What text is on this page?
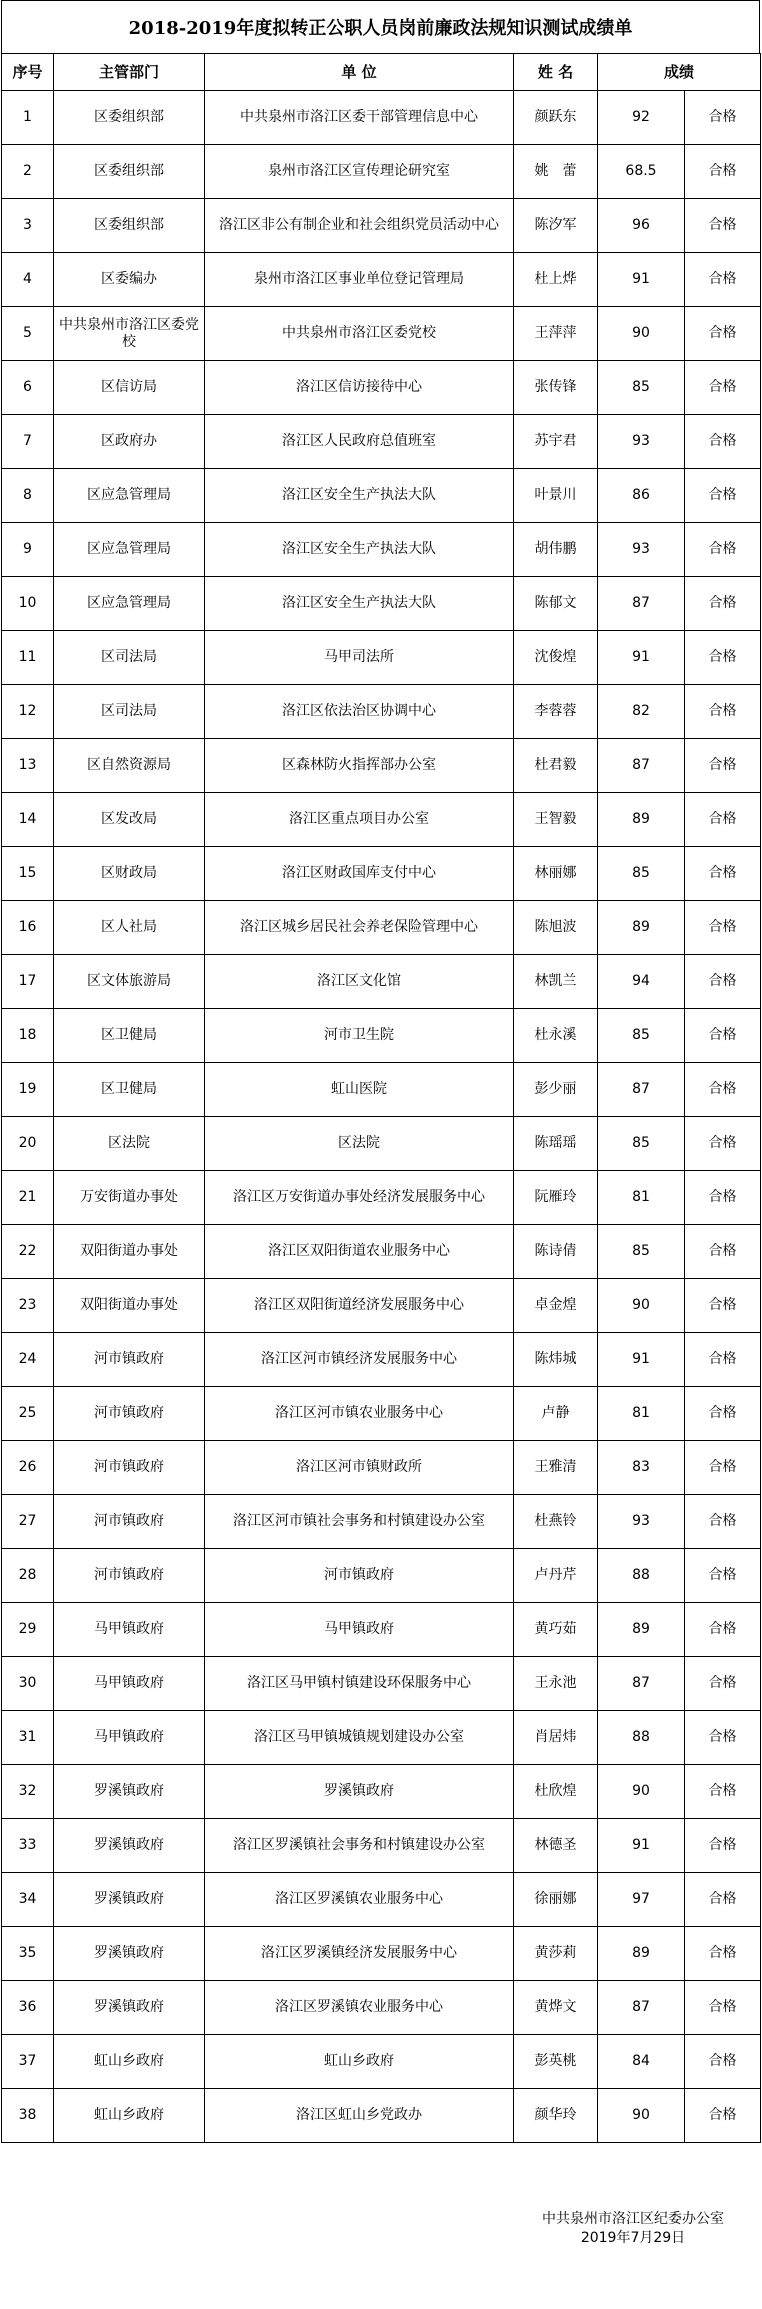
2018-2019年度拟转正公职人员岗前廉政法规知识测试成绩单
序号	主管部门	单 位	姓 名	成绩	
1	区委组织部	中共泉州市洛江区委干部管理信息中心	颜跃东	92	合格
2	区委组织部	泉州市洛江区宣传理论研究室	姚　蕾	68.5	合格
3	区委组织部	洛江区非公有制企业和社会组织党员活动中心	陈汐军	96	合格
4	区委编办	泉州市洛江区事业单位登记管理局	杜上烨	91	合格
5	中共泉州市洛江区委党校	中共泉州市洛江区委党校	王萍萍	90	合格
6	区信访局	洛江区信访接待中心	张传锋	85	合格
7	区政府办	洛江区人民政府总值班室	苏宇君	93	合格
8	区应急管理局	洛江区安全生产执法大队	叶景川	86	合格
9	区应急管理局	洛江区安全生产执法大队	胡伟鹏	93	合格
10	区应急管理局	洛江区安全生产执法大队	陈郁文	87	合格
11	区司法局	马甲司法所	沈俊煌	91	合格
12	区司法局	洛江区依法治区协调中心	李蓉蓉	82	合格
13	区自然资源局	区森林防火指挥部办公室	杜君毅	87	合格
14	区发改局	洛江区重点项目办公室	王智毅	89	合格
15	区财政局	洛江区财政国库支付中心	林丽娜	85	合格
16	区人社局	洛江区城乡居民社会养老保险管理中心	陈旭波	89	合格
17	区文体旅游局	洛江区文化馆	林凯兰	94	合格
18	区卫健局	河市卫生院	杜永溪	85	合格
19	区卫健局	虹山医院	彭少丽	87	合格
20	区法院	区法院	陈瑶瑶	85	合格
21	万安街道办事处	洛江区万安街道办事处经济发展服务中心	阮雁玲	81	合格
22	双阳街道办事处	洛江区双阳街道农业服务中心	陈诗倩	85	合格
23	双阳街道办事处	洛江区双阳街道经济发展服务中心	卓金煌	90	合格
24	河市镇政府	洛江区河市镇经济发展服务中心	陈炜城	91	合格
25	河市镇政府	洛江区河市镇农业服务中心	卢静	81	合格
26	河市镇政府	洛江区河市镇财政所	王雅清	83	合格
27	河市镇政府	洛江区河市镇社会事务和村镇建设办公室	杜燕铃	93	合格
28	河市镇政府	河市镇政府	卢丹芹	88	合格
29	马甲镇政府	马甲镇政府	黄巧茹	89	合格
30	马甲镇政府	洛江区马甲镇村镇建设环保服务中心	王永池	87	合格
31	马甲镇政府	洛江区马甲镇城镇规划建设办公室	肖居炜	88	合格
32	罗溪镇政府	罗溪镇政府	杜欣煌	90	合格
33	罗溪镇政府	洛江区罗溪镇社会事务和村镇建设办公室	林德圣	91	合格
34	罗溪镇政府	洛江区罗溪镇农业服务中心	徐丽娜	97	合格
35	罗溪镇政府	洛江区罗溪镇经济发展服务中心	黄莎莉	89	合格
36	罗溪镇政府	洛江区罗溪镇农业服务中心	黄烨文	87	合格
37	虹山乡政府	虹山乡政府	彭英桃	84	合格
38	虹山乡政府	洛江区虹山乡党政办	颜华玲	90	合格
中共泉州市洛江区纪委办公室
2019年7月29日
